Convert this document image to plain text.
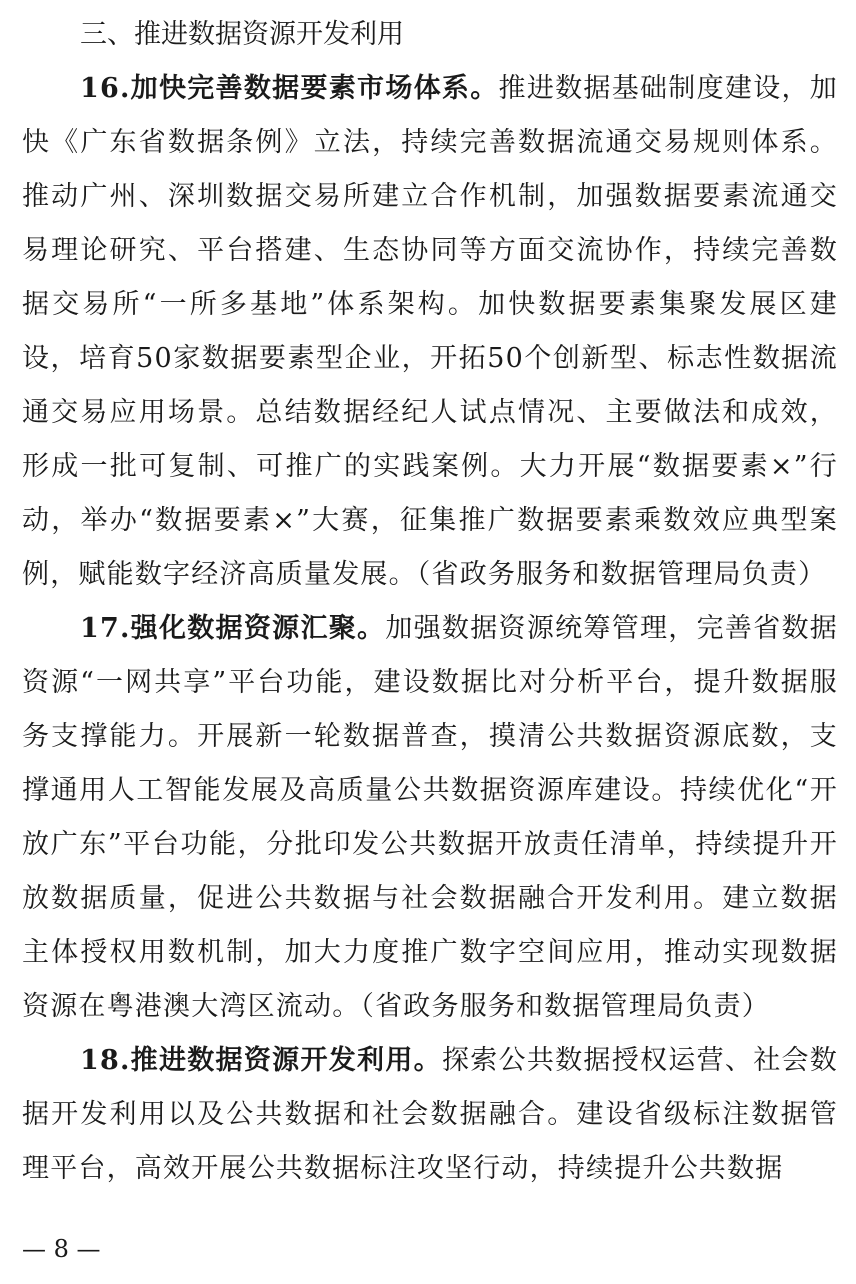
三、推进数据资源开发利用

16.加快完善数据要素市场体系。推进数据基础制度建设，加快《广东省数据条例》立法，持续完善数据流通交易规则体系。推动广州、深圳数据交易所建立合作机制，加强数据要素流通交易理论研究、平台搭建、生态协同等方面交流协作，持续完善数据交易所“一所多基地”体系架构。加快数据要素集聚发展区建设，培育50家数据要素型企业，开拓50个创新型、标志性数据流通交易应用场景。总结数据经纪人试点情况、主要做法和成效，形成一批可复制、可推广的实践案例。大力开展“数据要素×”行动，举办“数据要素×”大赛，征集推广数据要素乘数效应典型案例，赋能数字经济高质量发展。（省政务服务和数据管理局负责）

17.强化数据资源汇聚。加强数据资源统筹管理，完善省数据资源“一网共享”平台功能，建设数据比对分析平台，提升数据服务支撑能力。开展新一轮数据普查，摸清公共数据资源底数，支撑通用人工智能发展及高质量公共数据资源库建设。持续优化“开放广东”平台功能，分批印发公共数据开放责任清单，持续提升开放数据质量，促进公共数据与社会数据融合开发利用。建立数据主体授权用数机制，加大力度推广数字空间应用，推动实现数据资源在粤港澳大湾区流动。（省政务服务和数据管理局负责）

18.推进数据资源开发利用。探索公共数据授权运营、社会数据开发利用以及公共数据和社会数据融合。建设省级标注数据管理平台，高效开展公共数据标注攻坚行动，持续提升公共数据

— 8 —
